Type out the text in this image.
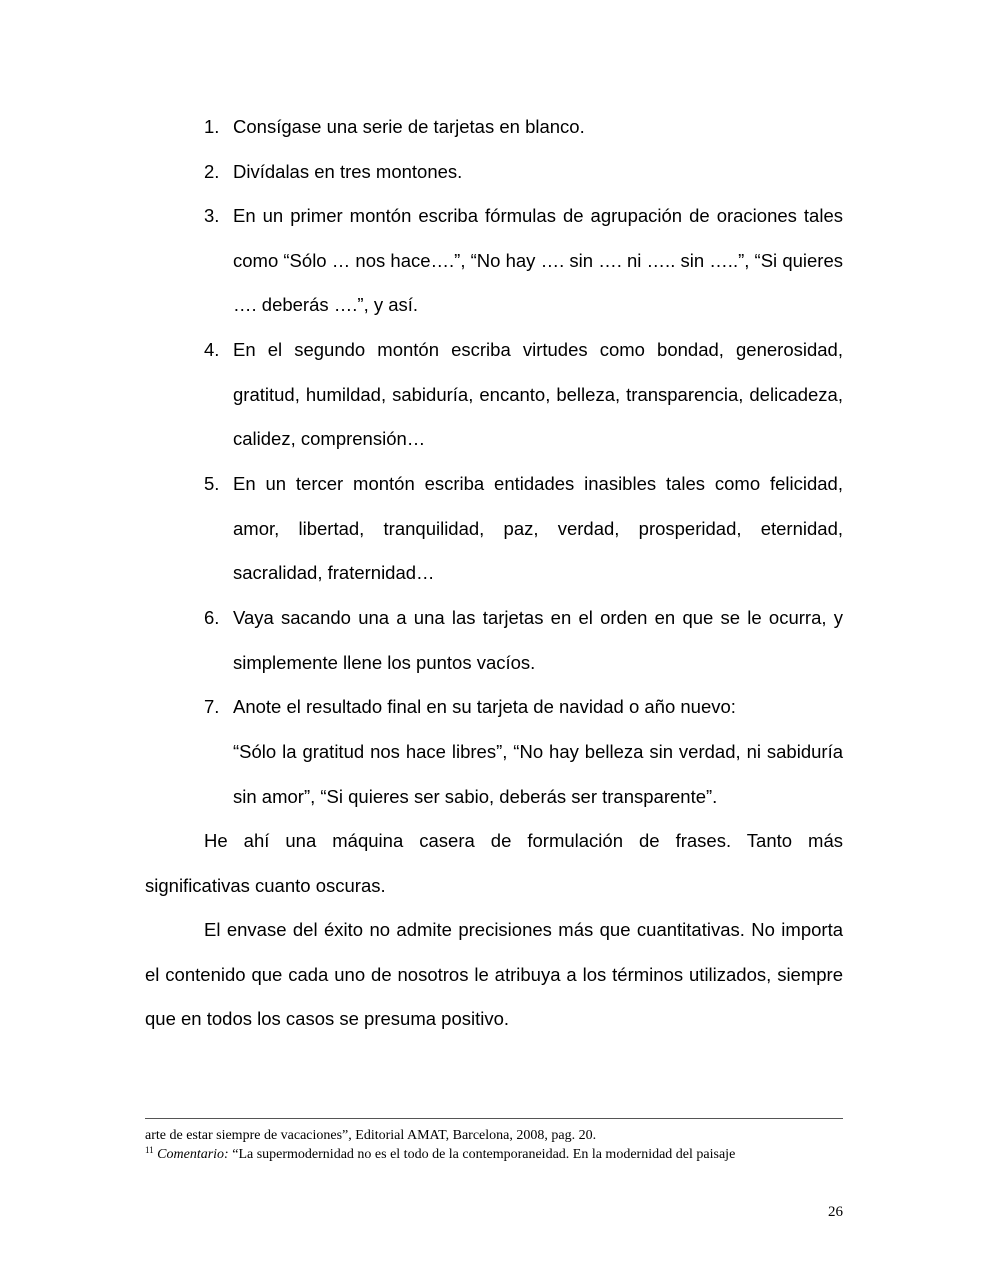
1. Consígase una serie de tarjetas en blanco.
2. Divídalas en tres montones.
3. En un primer montón escriba fórmulas de agrupación de oraciones tales como “Sólo … nos hace….”, “No hay …. sin …. ni ….. sin …..”, “Si quieres …. deberás ….”, y así.
4. En el segundo montón escriba virtudes como bondad, generosidad, gratitud, humildad, sabiduría, encanto, belleza, transparencia, delicadeza, calidez, comprensión…
5. En un tercer montón escriba entidades inasibles tales como felicidad, amor, libertad, tranquilidad, paz, verdad, prosperidad, eternidad, sacralidad, fraternidad…
6. Vaya sacando una a una las tarjetas en el orden en que se le ocurra, y simplemente llene los puntos vacíos.
7. Anote el resultado final en su tarjeta de navidad o año nuevo:
“Sólo la gratitud nos hace libres”, “No hay belleza sin verdad, ni sabiduría sin amor”, “Si quieres ser sabio, deberás ser transparente”.

He ahí una máquina casera de formulación de frases. Tanto más significativas cuanto oscuras.

El envase del éxito no admite precisiones más que cuantitativas. No importa el contenido que cada uno de nosotros le atribuya a los términos utilizados, siempre que en todos los casos se presuma positivo.

arte de estar siempre de vacaciones”, Editorial AMAT, Barcelona, 2008, pag. 20.
$^{11}$ Comentario: “La supermodernidad no es el todo de la contemporaneidad. En la modernidad del paisaje
26
